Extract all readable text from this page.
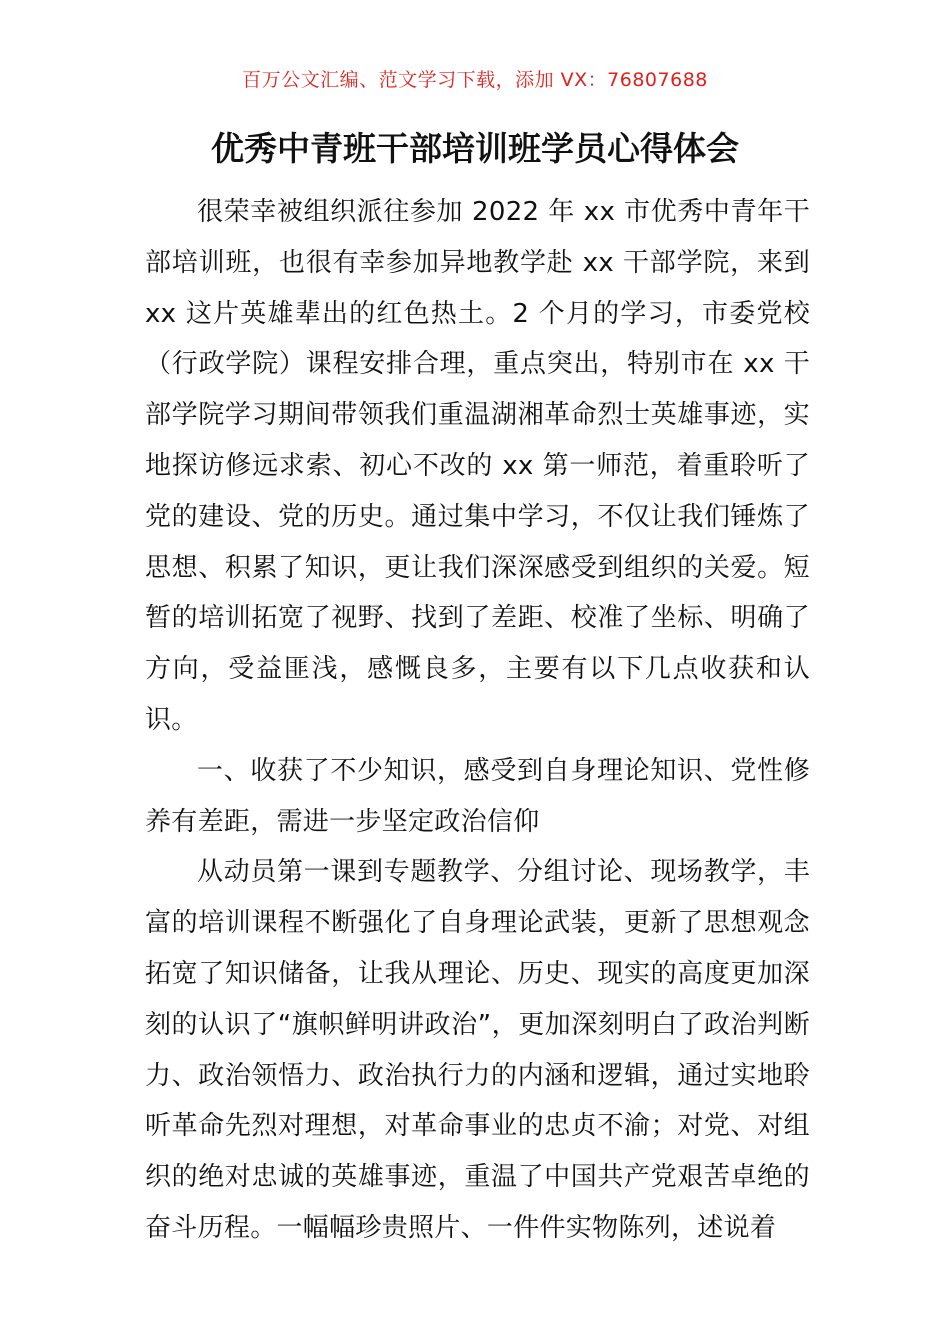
百万公文汇编、范文学习下载，添加 VX：76807688
优秀中青班干部培训班学员心得体会

很荣幸被组织派往参加 2022 年 xx 市优秀中青年干部培训班，也很有幸参加异地教学赴 xx 干部学院，来到 xx 这片英雄辈出的红色热土。2 个月的学习，市委党校（行政学院）课程安排合理，重点突出，特别市在 xx 干部学院学习期间带领我们重温湖湘革命烈士英雄事迹，实地探访修远求索、初心不改的 xx 第一师范，着重聆听了党的建设、党的历史。通过集中学习，不仅让我们锤炼了思想、积累了知识，更让我们深深感受到组织的关爱。短暂的培训拓宽了视野、找到了差距、校准了坐标、明确了方向，受益匪浅，感慨良多，主要有以下几点收获和认识。

一、收获了不少知识，感受到自身理论知识、党性修养有差距，需进一步坚定政治信仰

从动员第一课到专题教学、分组讨论、现场教学，丰富的培训课程不断强化了自身理论武装，更新了思想观念拓宽了知识储备，让我从理论、历史、现实的高度更加深刻的认识了“旗帜鲜明讲政治”，更加深刻明白了政治判断力、政治领悟力、政治执行力的内涵和逻辑，通过实地聆听革命先烈对理想，对革命事业的忠贞不渝；对党、对组织的绝对忠诚的英雄事迹，重温了中国共产党艰苦卓绝的奋斗历程。一幅幅珍贵照片、一件件实物陈列，述说着
